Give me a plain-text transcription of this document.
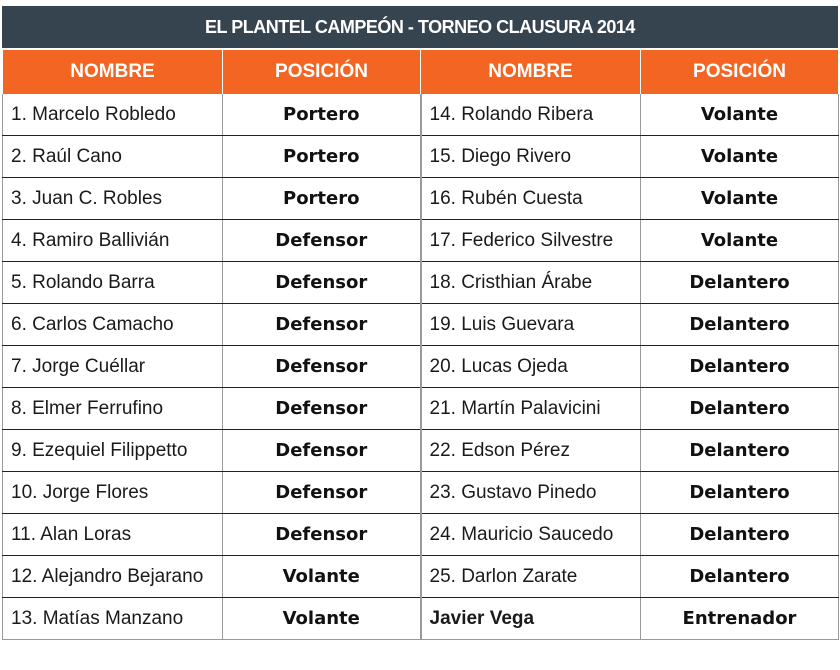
EL PLANTEL CAMPEÓN - TORNEO CLAUSURA 2014
NOMBRE	POSICIÓN	NOMBRE	POSICIÓN
1. Marcelo Robledo	Portero	14. Rolando Ribera	Volante
2. Raúl Cano	Portero	15. Diego Rivero	Volante
3. Juan C. Robles	Portero	16. Rubén Cuesta	Volante
4. Ramiro Ballivián	Defensor	17. Federico Silvestre	Volante
5. Rolando Barra	Defensor	18. Cristhian Árabe	Delantero
6. Carlos Camacho	Defensor	19. Luis Guevara	Delantero
7. Jorge Cuéllar	Defensor	20. Lucas Ojeda	Delantero
8. Elmer Ferrufino	Defensor	21. Martín Palavicini	Delantero
9. Ezequiel Filippetto	Defensor	22. Edson Pérez	Delantero
10. Jorge Flores	Defensor	23. Gustavo Pinedo	Delantero
11. Alan Loras	Defensor	24. Mauricio Saucedo	Delantero
12. Alejandro Bejarano	Volante	25. Darlon Zarate	Delantero
13. Matías Manzano	Volante	Javier Vega	Entrenador
